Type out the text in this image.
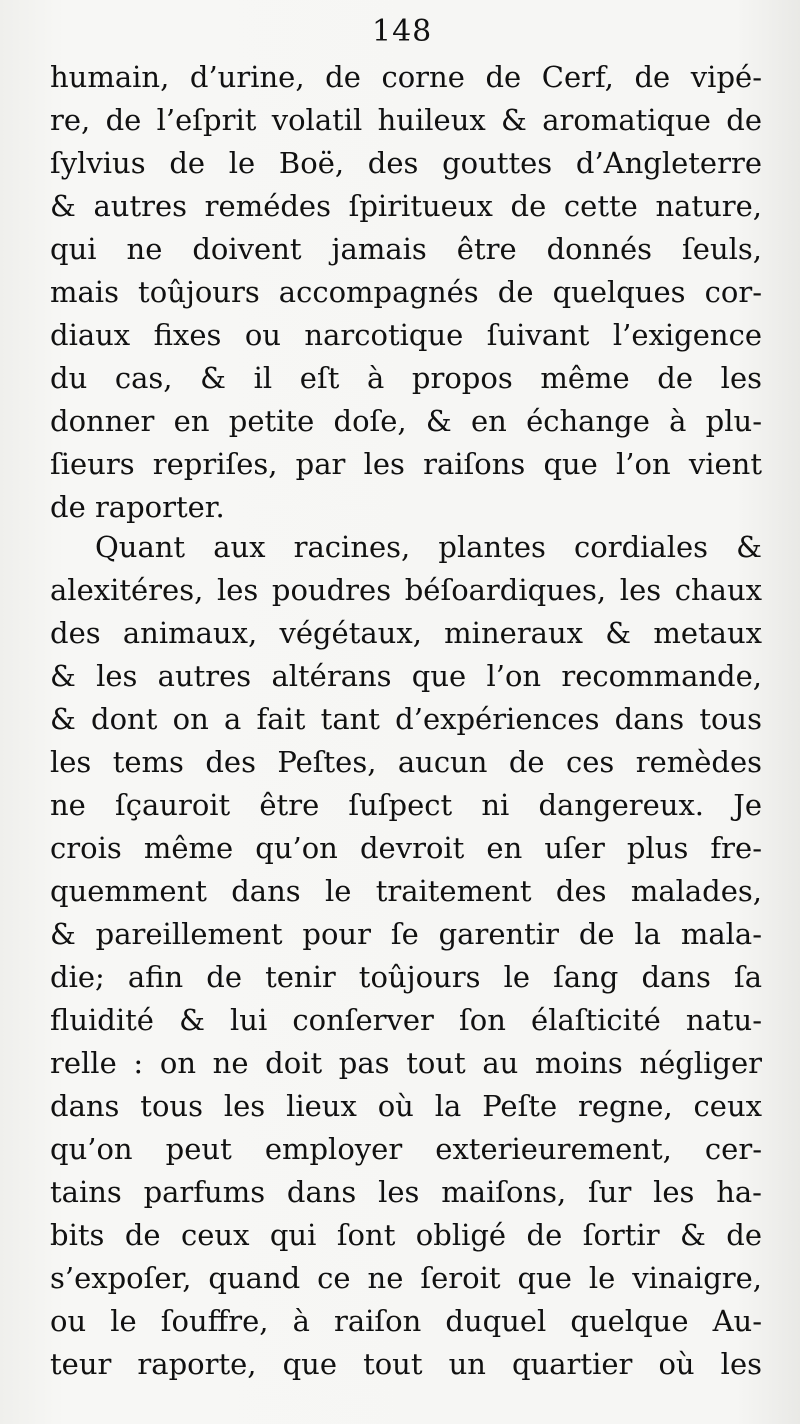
148
humain, d’urine, de corne de Cerf, de vipé-
re, de l’eſprit volatil huileux & aromatique de
ſylvius de le Boë, des gouttes d’Angleterre
& autres remédes ſpiritueux de cette nature,
qui ne doivent jamais être donnés ſeuls,
mais toûjours accompagnés de quelques cor-
diaux fixes ou narcotique ſuivant l’exigence
du cas, & il eſt à propos même de les
donner en petite doſe, & en échange à plu-
ſieurs repriſes, par les raiſons que l’on vient
de raporter.
Quant aux racines, plantes cordiales &
alexitéres, les poudres béſoardiques, les chaux
des animaux, végétaux, mineraux & metaux
& les autres altérans que l’on recommande,
& dont on a fait tant d’expériences dans tous
les tems des Peſtes, aucun de ces remèdes
ne ſçauroit être ſuſpect ni dangereux. Je
crois même qu’on devroit en uſer plus fre-
quemment dans le traitement des malades,
& pareillement pour ſe garentir de la mala-
die; afin de tenir toûjours le ſang dans ſa
fluidité & lui conſerver ſon élaſticité natu-
relle : on ne doit pas tout au moins négliger
dans tous les lieux où la Peſte regne, ceux
qu’on peut employer exterieurement, cer-
tains parfums dans les maiſons, ſur les ha-
bits de ceux qui ſont obligé de ſortir & de
s’expoſer, quand ce ne ſeroit que le vinaigre,
ou le ſouffre, à raiſon duquel quelque Au-
teur raporte, que tout un quartier où les
